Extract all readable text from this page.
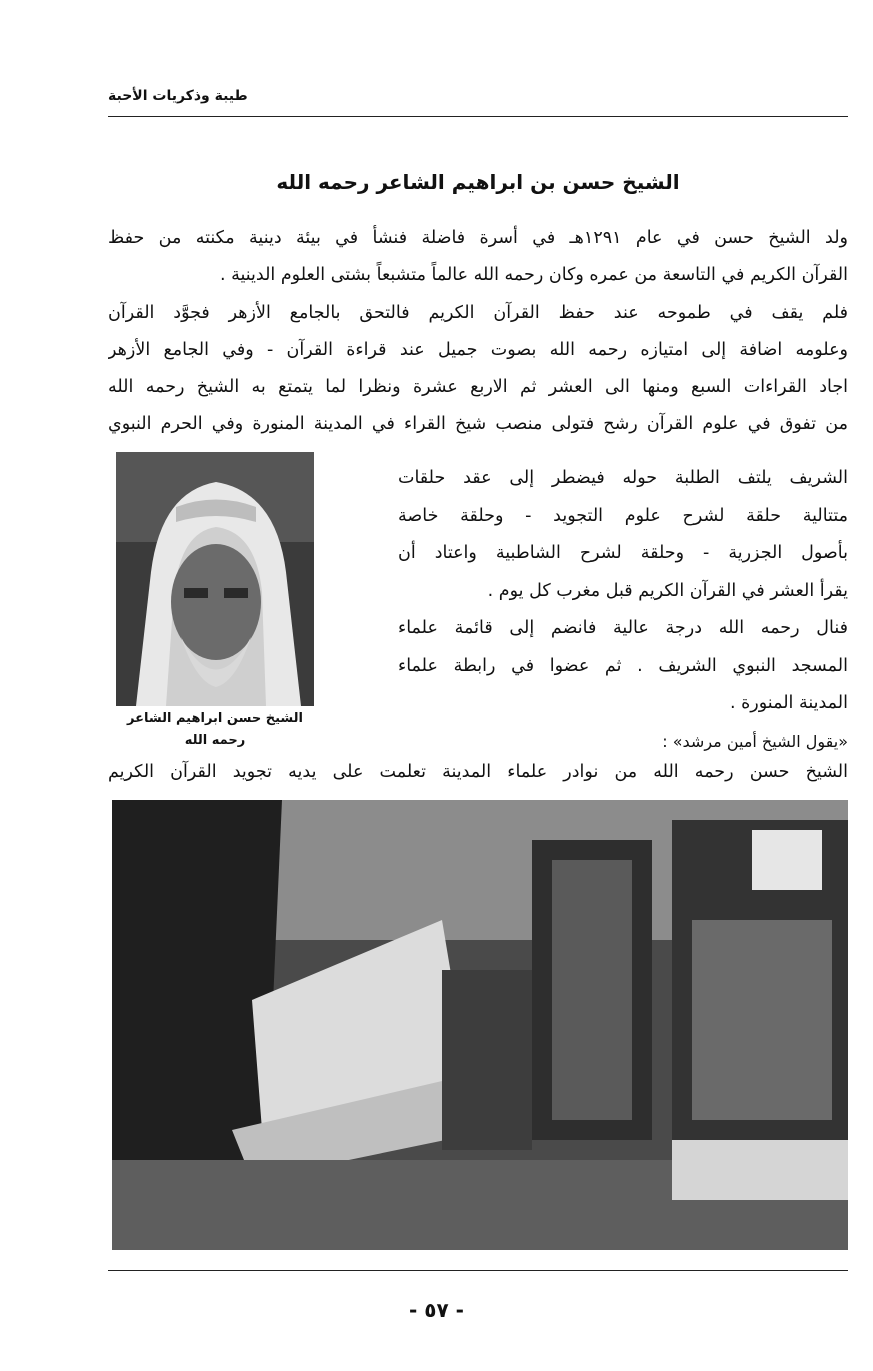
طيبة وذكريات الأحبة
الشيخ حسن بن ابراهيم الشاعر رحمه الله
ولد الشيخ حسن في عام ١٢٩١هـ في أسرة فاضلة فنشأ في بيئة دينية مكنته من حفظ
القرآن الكريم في التاسعة من عمره وكان رحمه الله عالماً متشبعاً بشتى العلوم الدينية .
فلم يقف في طموحه عند حفظ القرآن الكريم فالتحق بالجامع الأزهر فجوَّد القرآن
وعلومه اضافة إلى امتيازه رحمه الله بصوت جميل عند قراءة القرآن - وفي الجامع الأزهر
اجاد القراءات السبع ومنها الى العشر ثم الاربع عشرة ونظرا لما يتمتع به الشيخ رحمه الله
من تفوق في علوم القرآن رشح فتولى منصب شيخ القراء في المدينة المنورة وفي الحرم النبوي
الشيخ حسن ابراهيم الشاعر
رحمه الله
الشريف يلتف الطلبة حوله فيضطر إلى عقد حلقات
متتالية حلقة لشرح علوم التجويد - وحلقة خاصة
بأصول الجزرية - وحلقة لشرح الشاطبية واعتاد أن
يقرأ العشر في القرآن الكريم قبل مغرب كل يوم .
فنال رحمه الله درجة عالية فانضم إلى قائمة علماء
المسجد النبوي الشريف . ثم عضوا في رابطة علماء
المدينة المنورة .
«يقول الشيخ أمين مرشد» :
الشيخ حسن رحمه الله من نوادر علماء المدينة تعلمت على يديه تجويد القرآن الكريم
- ٥٧ -
